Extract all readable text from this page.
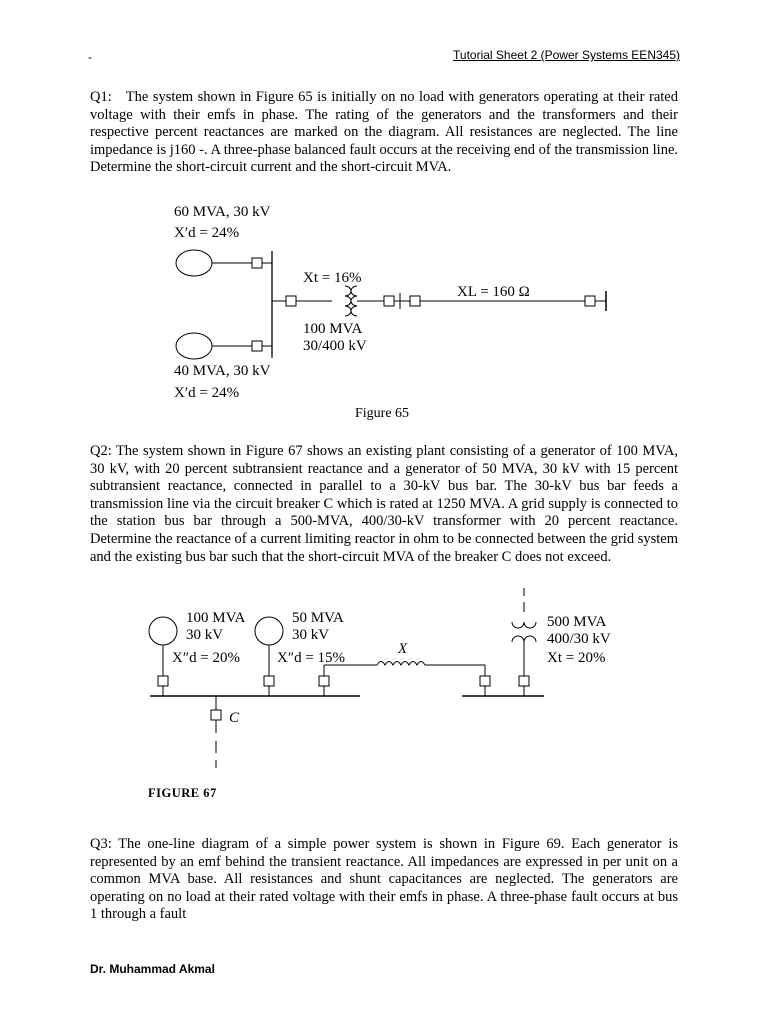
-	Tutorial Sheet 2 (Power Systems EEN345)
Q1: The system shown in Figure 65 is initially on no load with generators operating at their rated voltage with their emfs in phase. The rating of the generators and the transformers and their respective percent reactances are marked on the diagram. All resistances are neglected. The line impedance is j160 -. A three-phase balanced fault occurs at the receiving end of the transmission line. Determine the short-circuit current and the short-circuit MVA.
60 MVA, 30 kV
X′d = 24%
40 MVA, 30 kV
X′d = 24%
Xt = 16%
100 MVA
30/400 kV
XL = 160 Ω
Figure 65
Q2: The system shown in Figure 67 shows an existing plant consisting of a generator of 100 MVA, 30 kV, with 20 percent subtransient reactance and a generator of 50 MVA, 30 kV with 15 percent subtransient reactance, connected in parallel to a 30-kV bus bar. The 30-kV bus bar feeds a transmission line via the circuit breaker C which is rated at 1250 MVA. A grid supply is connected to the station bus bar through a 500-MVA, 400/30-kV transformer with 20 percent reactance. Determine the reactance of a current limiting reactor in ohm to be connected between the grid system and the existing bus bar such that the short-circuit MVA of the breaker C does not exceed.
100 MVA
30 kV
X″d = 20%
50 MVA
30 kV
X″d = 15%
X
C
500 MVA
400/30 kV
Xt = 20%
FIGURE 67
Q3: The one-line diagram of a simple power system is shown in Figure 69. Each generator is represented by an emf behind the transient reactance. All impedances are expressed in per unit on a common MVA base. All resistances and shunt capacitances are neglected. The generators are operating on no load at their rated voltage with their emfs in phase. A three-phase fault occurs at bus 1 through a fault
Dr. Muhammad Akmal
